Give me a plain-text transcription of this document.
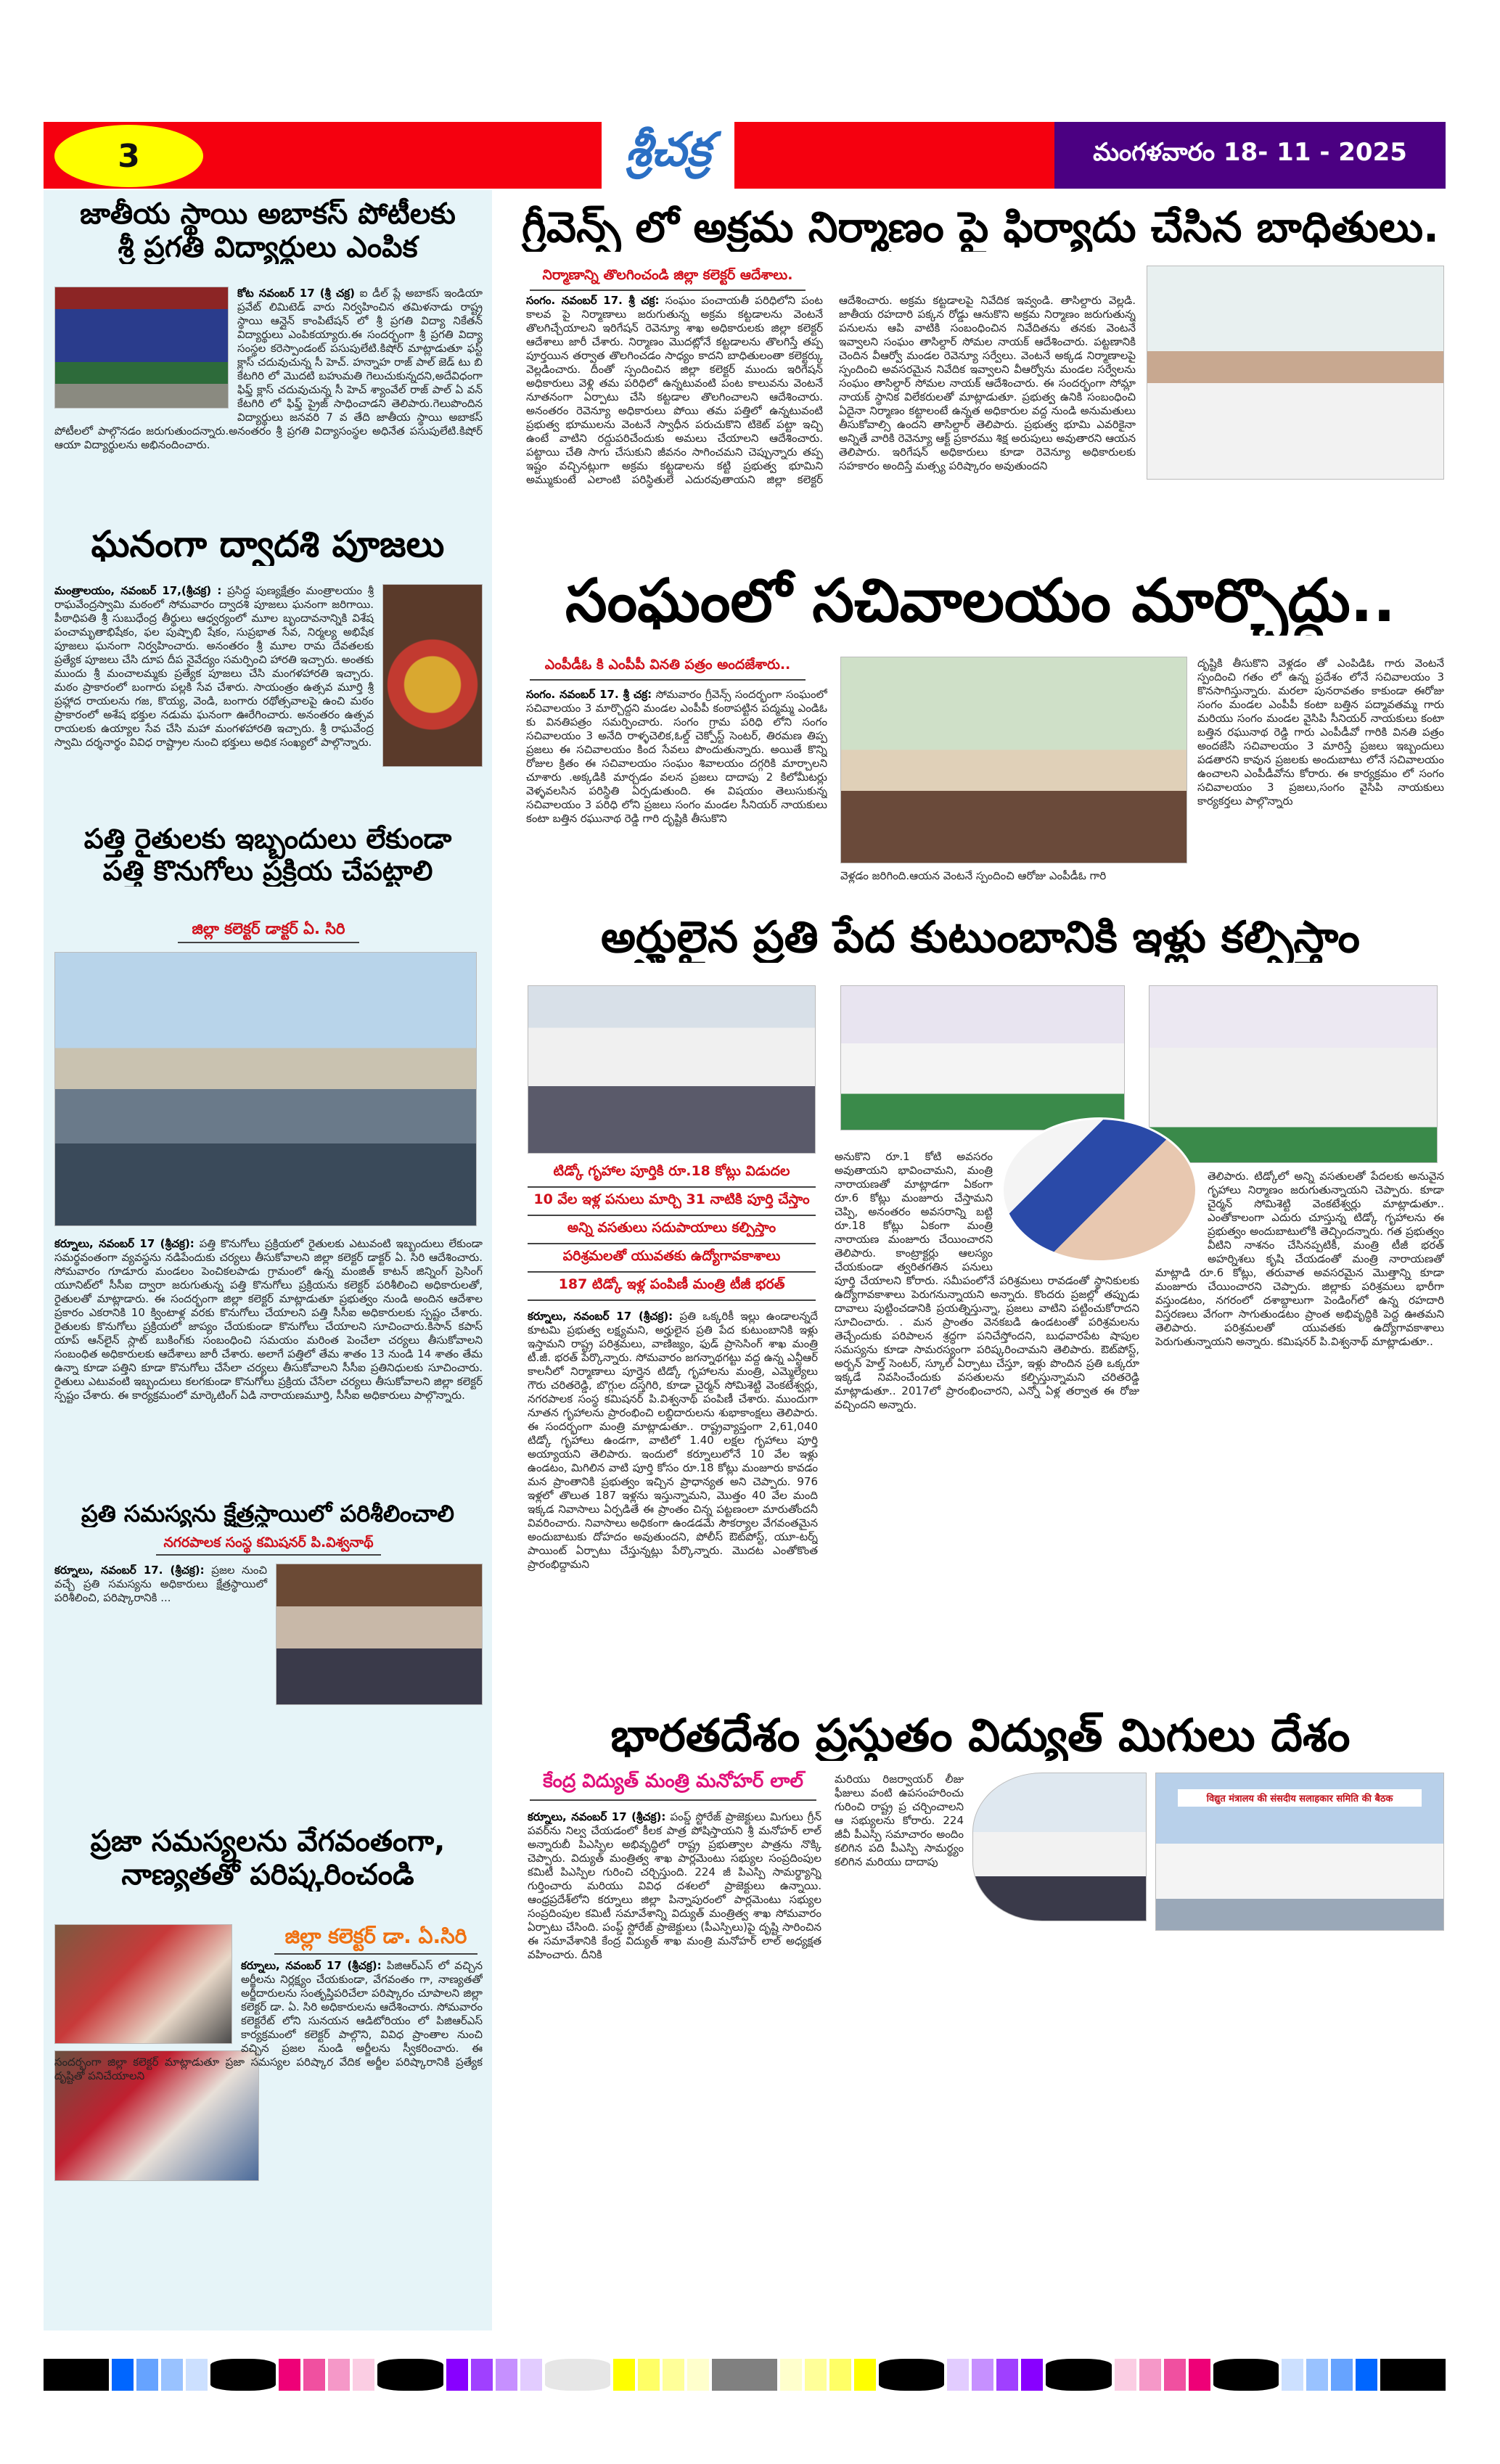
3	శ్రీచక్ర	మంగళవారం 18- 11 - 2025
జాతీయ స్థాయి అబాకస్ పోటీలకు
శ్రీ ప్రగతి విద్యార్థులు ఎంపిక
కోట నవంబర్ 17 (శ్రీ చక్ర) ఐ డీల్ ప్లే అబాకస్ ఇండియా ప్రవేట్ లిమిటెడ్ వారు నిర్వహించిన తమిళనాడు రాష్ట్ర స్థాయి ఆన్లైన్ కాంపిటేషన్ లో శ్రీ ప్రగతి విద్యా నికేతన్ విద్యార్థులు ఎంపికయ్యారు.ఈ సందర్భంగా శ్రీ ప్రగతి విద్యా సంస్థల కరెస్పాండంట్ పసుపులేటి.కిషోర్ మాట్లాడుతూ ఫస్ట్ క్లాస్ చదువుచున్న సీ హెచ్. హన్నాహ రాజ్ పాల్ జెడ్ టు బి కేటగిరి లో మొదటి బహుమతి గెలుచుకున్నదని,అదేవిధంగా ఫిఫ్త్ క్లాస్ చదువుచున్న సీ హెచ్ శ్యాంవేల్ రాజ్ పాల్ ఏ వన్ కేటగిరి లో ఫిఫ్త్ ప్రైజ్ సాధించాడని తెలిపారు.గెలుపొందిన విద్యార్థులు జనవరి 7 వ తేది జాతీయ స్థాయి అబాకస్ పోటీలలో పాల్గొనడం జరుగుతుందన్నారు.అనంతరం శ్రీ ప్రగతి విద్యాసంస్థల అధినేత పసుపులేటి.కిషోర్ ఆయా విద్యార్థులను అభినందించారు.
ఘనంగా ద్వాదశి పూజలు
మంత్రాలయం, నవంబర్ 17,(శ్రీచక్ర) : ప్రసిద్ధ పుణ్యక్షేత్రం మంత్రాలయం శ్రీ రాఘవేంద్రస్వామి మఠంలో సోమవారం ద్వాదశి పూజలు ఘనంగా జరిగాయి. పీఠాధిపతి శ్రీ సుబుధేంద్ర తీర్థులు ఆధ్వర్యంలో మూల బృందావనాన్నికి విశేష పంచామృతాభిషేకం, ఫల పుష్పాభి షేకం, సుప్రభాత సేవ, నిర్మల్య అభిషేక పూజలు ఘనంగా నిర్వహించారు. అనంతరం శ్రీ మూల రామ దేవతలకు ప్రత్యేక పూజలు చేసి దూప దీప నైవేద్యం సమర్పించి హారతి ఇచ్చారు. అంతకు ముందు శ్రీ మంచాలమ్మకు ప్రత్యేక పూజలు చేసి మంగళహారతి ఇచ్చారు. మఠం ప్రాకారంలో బంగారు పల్లకి సేవ చేశారు. సాయంత్రం ఉత్సవ మూర్తి శ్రీ ప్రహ్లాద రాయలను గజ, కొయ్య, వెండి, బంగారు రథోత్సవాలపై ఉంచి మఠం ప్రాకారంలో అశేష భక్తుల నడుమ ఘనంగా ఊరేగించారు. అనంతరం ఉత్సవ రాయలకు ఉయ్యాల సేవ చేసి మహా మంగళహారతి ఇచ్చారు. శ్రీ రాఘవేంద్ర స్వామి దర్శనార్థం వివిధ రాష్ట్రాల నుంచి భక్తులు అధిక సంఖ్యలో పాల్గొన్నారు.
పత్తి రైతులకు ఇబ్బందులు లేకుండా
పత్తి కొనుగోలు ప్రక్రియ చేపట్టాలి
జిల్లా కలెక్టర్ డాక్టర్ ఏ. సిరి
కర్నూలు, నవంబర్ 17 (శ్రీచక్ర): పత్తి కొనుగోలు ప్రక్రియలో రైతులకు ఎటువంటి ఇబ్బందులు లేకుండా సమర్థవంతంగా వ్యవస్థను నడిపేందుకు చర్యలు తీసుకోవాలని జిల్లా కలెక్టర్ డాక్టర్ ఏ. సిరి ఆదేశించారు. సోమవారం గూడూరు మండలం పెంచికలపాడు గ్రామంలో ఉన్న మంజిత్ కాటన్ జిన్నింగ్ ప్రెసింగ్ యూనిట్‌లో సీసీఐ ద్వారా జరుగుతున్న పత్తి కొనుగోలు ప్రక్రియను కలెక్టర్ పరిశీలించి అధికారులతో, రైతులతో మాట్లాడారు. ఈ సందర్భంగా జిల్లా కలెక్టర్ మాట్లాడుతూ ప్రభుత్వం నుండి అందిన ఆదేశాల ప్రకారం ఎకరానికి 10 క్వింటాళ్ల వరకు కొనుగోలు చేయాలని పత్తి సీసీఐ అధికారులకు స్పష్టం చేశారు. రైతులకు కొనుగోలు ప్రక్రియలో జాప్యం చేయకుండా కొనుగోలు చేయాలని సూచించారు.కిసాన్ కపాస్ యాప్ ఆన్‌లైన్ స్లాట్ బుకింగ్‌కు సంబంధించి సమయం మరింత పెంచేలా చర్యలు తీసుకోవాలని సంబంధిత అధికారులకు ఆదేశాలు జారీ చేశారు. అలాగే పత్తిలో తేమ శాతం 13 నుండి 14 శాతం తేమ ఉన్నా కూడా పత్తిని కూడా కొనుగోలు చేసేలా చర్యలు తీసుకోవాలని సీసీఐ ప్రతినిధులకు సూచించారు. రైతులు ఎటువంటి ఇబ్బందులు కలగకుండా కొనుగోలు ప్రక్రియ చేసేలా చర్యలు తీసుకోవాలని జిల్లా కలెక్టర్ స్పష్టం చేశారు. ఈ కార్యక్రమంలో మార్కెటింగ్ ఏడి నారాయణమూర్తి, సీసీఐ అధికారులు పాల్గొన్నారు.
ప్రతి సమస్యను క్షేత్రస్థాయిలో పరిశీలించాలి
నగరపాలక సంస్థ కమిషనర్ పి.విశ్వనాథ్
కర్నూలు, నవంబర్ 17. (శ్రీచక్ర): ప్రజల నుంచి వచ్చే ప్రతి సమస్యను అధికారులు క్షేత్రస్థాయిలో పరిశీలించి, పరిష్కారానికి ...
ప్రజా సమస్యలను వేగవంతంగా,
నాణ్యతతో పరిష్కరించండి
జిల్లా కలెక్టర్ డా. ఏ.సిరి
కర్నూలు, నవంబర్ 17 (శ్రీచక్ర): పిజిఆర్ఎస్ లో వచ్చిన అర్జీలను నిర్లక్ష్యం చేయకుండా, వేగవంతం గా, నాణ్యతతో అర్జీదారులను సంతృప్తిపరిచేలా పరిష్కారం చూపాలని జిల్లా కలెక్టర్ డా. ఏ. సిరి అధికారులను ఆదేశించారు. సోమవారం కలెక్టరేట్ లోని సునయన ఆడిటోరియం లో పిజిఆర్ఎస్ కార్యక్రమంలో కలెక్టర్ పాల్గొని, వివిధ ప్రాంతాల నుంచి వచ్చిన ప్రజల నుండి అర్జీలను స్వీకరించారు. ఈ సందర్భంగా జిల్లా కలెక్టర్ మాట్లాడుతూ ప్రజా సమస్యల పరిష్కార వేదిక అర్జీల పరిష్కారానికి ప్రత్యేక దృష్టితో పనిచేయాలని
గ్రీవెన్స్ లో అక్రమ నిర్మాణం పై ఫిర్యాదు చేసిన బాధితులు.
నిర్మాణాన్ని తొలగించండి జిల్లా కలెక్టర్ ఆదేశాలు.
సంగం. నవంబర్ 17. శ్రీ చక్ర: సంఘం పంచాయతీ పరిధిలోని పంట కాలవ పై నిర్మాణాలు జరుగుతున్న అక్రమ కట్టడాలను వెంటనే తొలగిచ్చేయాలని ఇరిగేషన్ రెవెన్యూ శాఖ అధికారులకు జిల్లా కలెక్టర్ ఆదేశాలు జారీ చేశారు. నిర్మాణం మొదట్లోనే కట్టడాలను తొలగిస్తే తప్ప పూర్తయిన తర్వాత తొలగించడం సాధ్యం కాదని బాధితులంతా కలెక్టర్కు వెల్లడించారు. దీంతో స్పందించిన జిల్లా కలెక్టర్ ముందు ఇరిగేషన్ అధికారులు వెళ్లి తమ పరిధిలో ఉన్నటువంటి పంట కాలువను వెంటనే నూతనంగా ఏర్పాటు చేసి కట్టడాల తొలగించాలని ఆదేశించారు. అనంతరం రెవెన్యూ అధికారులు పోయి తమ పత్తిలో ఉన్నటువంటి ప్రభుత్వ భూములను వెంటనే స్వాధీన పరుచుకొని టికెట్ పట్టా ఇచ్చి ఉంటే వాటిని రద్దుపరిచేందుకు అమలు చేయాలని ఆదేశించారు. పట్టాయి చేతి సాగు చేసుకుని జీవనం సాగించమని చెప్పున్నారు తప్ప ఇష్టం వచ్చినట్లుగా అక్రమ కట్టడాలను కట్టి ప్రభుత్వ భూమిని అమ్ముకుంటే ఎలాంటి పరిస్థితులే ఎదురవుతాయని జిల్లా కలెక్టర్ ఆదేశించారు. అక్రమ కట్టడాలపై నివేదిక ఇవ్వండి. తాసిల్దారు వెల్లడి. జాతీయ రహదారి పక్కన రోడ్డు ఆనుకొని అక్రమ నిర్మాణం జరుగుతున్న పనులను ఆపి వాటికి సంబంధించిన నివేదితను తనకు వెంటనే ఇవ్వాలని సంఘం తాసిల్దార్ సోమల నాయక్ ఆదేశించారు. పట్టణానికి చెందిన వీఆర్వో మండల రెవెన్యూ సర్వేలు. వెంటనే అక్కడ నిర్మాణాలపై స్పందించి అవసరమైన నివేదిక ఇవ్వాలని వీఆర్వోను మండల సర్వేలను సంఘం తాసిల్దార్ సోమల నాయక్ ఆదేశించారు. ఈ సందర్భంగా సోమ్లా నాయక్ స్థానిక విలేకరులతో మాట్లాడుతూ. ప్రభుత్వ ఉనికి సంబంధించి ఏదైనా నిర్మాణం కట్టాలంటే ఉన్నత అధికారుల వద్ద నుండి అనుమతులు తీసుకోవాల్సి ఉందని తాసిల్దార్ తెలిపారు. ప్రభుత్వ భూమి ఎవరికైనా అన్నితే వారికి రెవెన్యూ ఆక్ట్ ప్రకారము శిక్ష అరుపులు అవుతారని ఆయన తెలిపారు. ఇరిగేషన్ అధికారులు కూడా రెవెన్యూ అధికారులకు సహకారం అందిస్తే మత్స్య పరిష్కారం అవుతుందని
సంఘంలో సచివాలయం మార్చొద్దు..
ఎంపీడీఓ కి ఎంపీపీ వినతి పత్రం అందజేశారు..
సంగం. నవంబర్ 17. శ్రీ చక్ర: సోమవారం గ్రీవెన్స్ సందర్భంగా సంఘంలో సచివాలయం 3 మార్చొద్దని మండల ఎంపీపీ కంఠాపట్టిన పద్మమ్మ ఎండిఓ కు వినతిపత్రం సమర్పించారు. సంగం గ్రామ పరిధి లోని సంగం సచివాలయం 3 అనేది రాళ్ళచెలిక,ఓల్డ్ చెక్పోస్ట్ సెంటర్, తిరమణ తిప్ప ప్రజలు ఈ సచివాలయం కింద సేవలు పొందుతున్నారు. అయితే కొన్ని రోజుల క్రితం ఈ సచివాలయం సంఘం శివాలయం దగ్గరికి మార్చాలని చూశారు .అక్కడికి మార్చడం వలన ప్రజలు దాదాపు 2 కిలోమీటర్లు వెళ్ళవలసిన పరిస్థితి ఏర్పడుతుంది. ఈ విషయం తెలుసుకున్న సచివాలయం 3 పరిధి లోని ప్రజలు సంగం మండల సీనియర్ నాయకులు కంటా బత్తిన రఘునాథ రెడ్డి గారి దృష్టికి తీసుకొని
వెళ్లడం జరిగింది.ఆయన వెంటనే స్పందించి ఆరోజు ఎంపీడీఓ గారి
దృష్టికి తీసుకొని వెళ్లడం తో ఎంపిడిఓ గారు వెంటనే స్పందించి గతం లో ఉన్న ప్రదేశం లోనే సచివాలయం 3 కొనసాగిస్తున్నారు. మరలా పునరావతం కాకుండా ఈరోజు సంగం మండల ఎంపీపీ కంటా బత్తిన పద్మావతమ్మ గారు మరియు సంగం మండల వైసిపి సీనియర్ నాయకులు కంటా బత్తిన రఘునాథ రెడ్డి గారు ఎంపీడీవో గారికి వినతి పత్రం అందజేసి సచివాలయం 3 మారిస్తే ప్రజలు ఇబ్బందులు పడతారని కావున ప్రజలకు అందుబాటు లోనే సచివాలయం ఉంచాలని ఎంపీడీవోను కోరారు. ఈ కార్యక్రమం లో సంగం సచివాలయం 3 ప్రజలు,సంగం వైసిపి నాయకులు కార్యకర్తలు పాల్గొన్నారు
అర్హులైన ప్రతి పేద కుటుంబానికి ఇళ్లు కల్పిస్తాం
టిడ్కో గృహాల పూర్తికి రూ.18 కోట్లు విడుదల
10 వేల ఇళ్ల పనులు మార్చి 31 నాటికి పూర్తి చేస్తాం
అన్ని వసతులు సదుపాయాలు కల్పిస్తాం
పరిశ్రమలతో యువతకు ఉద్యోగావకాశాలు
187 టిడ్కో ఇళ్ల పంపిణీ మంత్రి టీజీ భరత్
కర్నూలు, నవంబర్ 17 (శ్రీచక్ర): ప్రతి ఒక్కరికీ ఇల్లు ఉండాలన్నదే కూటమి ప్రభుత్వ లక్ష్యమని, అర్హులైన ప్రతి పేద కుటుంబానికి ఇళ్లు ఇస్తామని రాష్ట్ర పరిశ్రమలు, వాణిజ్యం, ఫుడ్ ప్రాసెసింగ్ శాఖ మంత్రి టీ.జీ. భరత్ పేర్కొన్నారు. సోమవారం జగన్నాథగట్టు వద్ద ఉన్న ఎన్టీఆర్ కాలనీలో నిర్మాణాలు పూర్తైన టిడ్కో గృహాలను మంత్రి, ఎమ్మెల్యేలు గౌరు చరితరెడ్డి, బొగ్గుల దస్తగిరి, కూడా చైర్మన్ సోమిశెట్టి వెంకటేశ్వర్లు, నగరపాలక సంస్థ కమిషనర్ పి.విశ్వనాథ్ పంపిణీ చేశారు. ముందుగా నూతన గృహాలను ప్రారంభించి లబ్ధిదారులను శుభాకాంక్షలు తెలిపారు. ఈ సందర్భంగా మంత్రి మాట్లాడుతూ.. రాష్ట్రవ్యాప్తంగా 2,61,040 టిడ్కో గృహాలు ఉండగా, వాటిలో 1.40 లక్షల గృహాలు పూర్తి అయ్యాయని తెలిపారు. ఇందులో కర్నూలులోనే 10 వేల ఇళ్లు ఉండటం, మిగిలిన వాటి పూర్తి కోసం రూ.18 కోట్లు మంజూరు కావడం మన ప్రాంతానికి ప్రభుత్వం ఇచ్చిన ప్రాధాన్యత అని చెప్పారు. 976 ఇళ్లలో తొలుత 187 ఇళ్లను ఇస్తున్నామని, మొత్తం 40 వేల మంది ఇక్కడ నివాసాలు ఏర్పడితే ఈ ప్రాంతం చిన్న పట్టణంలా మారుతోందనీ వివరించారు. నివాసాలు అధికంగా ఉండడమే సౌకర్యాల వేగవంతమైన అందుబాటుకు దోహదం అవుతుందని, పోలీస్ ఔట్‌పోస్ట్, యూ-టర్న్ పాయింట్ ఏర్పాటు చేస్తున్నట్లు పేర్కొన్నారు. మొదట ఎంతోకొంత ప్రారంభిద్దామని
అనుకొని రూ.1 కోటి అవసరం అవుతాయని భావించామని, మంత్రి నారాయణతో మాట్లాడగా ఏకంగా రూ.6 కోట్లు మంజూరు చేస్తామని చెప్పి, అనంతరం అవసరాన్ని బట్టి రూ.18 కోట్లు ఏకంగా మంత్రి నారాయణ మంజూరు చేయించారని తెలిపారు. కాంట్రాక్టర్లు ఆలస్యం చేయకుండా త్వరితగతిన పనులు పూర్తి చేయాలని కోరారు. సమీపంలోనే పరిశ్రమలు రావడంతో స్థానికులకు ఉద్యోగావకాశాలు పెరుగనున్నాయని అన్నారు. కొందరు ప్రజల్లో తప్పుడు దావాలు పుట్టించడానికి ప్రయత్నిస్తున్నా, ప్రజలు వాటిని పట్టించుకోరాదని సూచించారు. . మన ప్రాంతం వెనకబడి ఉండటంతో పరిశ్రమలను తెచ్చేందుకు పరిపాలన శ్రద్ధగా పనిచేస్తోందని, బుధవారపేట షాపుల సమస్యను కూడా సామరస్యంగా పరిష్కరించామని తెలిపారు. ఔట్‌పోస్ట్, అర్బన్ హెల్త్ సెంటర్, స్కూల్ ఏర్పాటు చేస్తూ, ఇళ్లు పొందిన ప్రతి ఒక్కరూ ఇక్కడే నివసించేందుకు వసతులను కల్పిస్తున్నామని చరితరెడ్డి మాట్లాడుతూ.. 2017లో ప్రారంభించారని, ఎన్నో ఏళ్ల తర్వాత ఈ రోజు వచ్చిందని అన్నారు.
తెలిపారు. టిడ్కోలో అన్ని వసతులతో పేదలకు అనువైన గృహాలు నిర్మాణం జరుగుతున్నాయని చెప్పారు. కూడా చైర్మన్ సోమిశెట్టి వెంకటేశ్వర్లు మాట్లాడుతూ.. ఎంతోకాలంగా ఎదురు చూస్తున్న టిడ్కో గృహాలను ఈ ప్రభుత్వం అందుబాటులోకి తెచ్చిందన్నారు. గత ప్రభుత్వం వీటిని నాశనం చేసినప్పటికీ, మంత్రి టీజీ భరత్ అహర్నిశలు కృషి చేయడంతో మంత్రి నారాయణతో మాట్లాడి రూ.6 కోట్లు, తరువాత అవసరమైన మొత్తాన్ని కూడా మంజూరు చేయించారని చెప్పారు. జిల్లాకు పరిశ్రమలు భారీగా వస్తుండటం, నగరంలో దశాబ్దాలుగా పెండింగ్‌లో ఉన్న రహదారి విస్తరణలు వేగంగా సాగుతుండటం ప్రాంత అభివృద్ధికి పెద్ద ఊతమని తెలిపారు. పరిశ్రమలతో యువతకు ఉద్యోగావకాశాలు పెరుగుతున్నాయని అన్నారు. కమిషనర్ పి.విశ్వనాథ్ మాట్లాడుతూ..
భారతదేశం ప్రస్తుతం విద్యుత్ మిగులు దేశం
కేంద్ర విద్యుత్ మంత్రి మనోహర్ లాల్
కర్నూలు, నవంబర్ 17 (శ్రీచక్ర): పంప్డ్ స్టోరేజ్ ప్రాజెక్టులు మిగులు గ్రీన్ పవర్‌ను నిల్వ చేయడంలో కీలక పాత్ర పోషిస్తాయని శ్రీ మనోహర్ లాల్ అన్నారుబీ పిఎస్పిల అభివృద్ధిలో రాష్ట్ర ప్రభుత్వాల పాత్రను నొక్కి చెప్పారు. విద్యుత్ మంత్రిత్వ శాఖ పార్లమెంటు సభ్యుల సంప్రదింపుల కమిటీ పిఎస్పిల గురించి చర్చిస్తుంది. 224 జీ పిఎస్పి సామర్థ్యాన్ని గుర్తించారు మరియు వివిధ దశలలో ప్రాజెక్టులు ఉన్నాయి. ఆంధ్రప్రదేశ్‌లోని కర్నూలు జిల్లా పిన్నాపురంలో పార్లమెంటు సభ్యుల సంప్రదింపుల కమిటీ సమావేశాన్ని విద్యుత్ మంత్రిత్వ శాఖ సోమవారం ఏర్పాటు చేసింది. పంప్డ్ స్టోరేజ్ ప్రాజెక్టులు (పీఎస్పిలు)పై దృష్టి సారించిన ఈ సమావేశానికి కేంద్ర విద్యుత్ శాఖ మంత్రి మనోహర్ లాల్ అధ్యక్షత వహించారు. దీనికి
మరియు రిజర్వాయర్ లీజు ఫీజులు వంటి ఉపసంహరించు గురించి రాష్ట్ర ప్ర చర్చించాలని ఆ సభ్యులను కోరారు. 224 జీవీ పీఎస్పి సమాచారం అందిం కలిగిన పది పీఎస్పి సామర్థ్యం కలిగిన మరియు దాదాపు
विद्युत मंत्रालय की संसदीय सलाहकार समिति की बैठक
